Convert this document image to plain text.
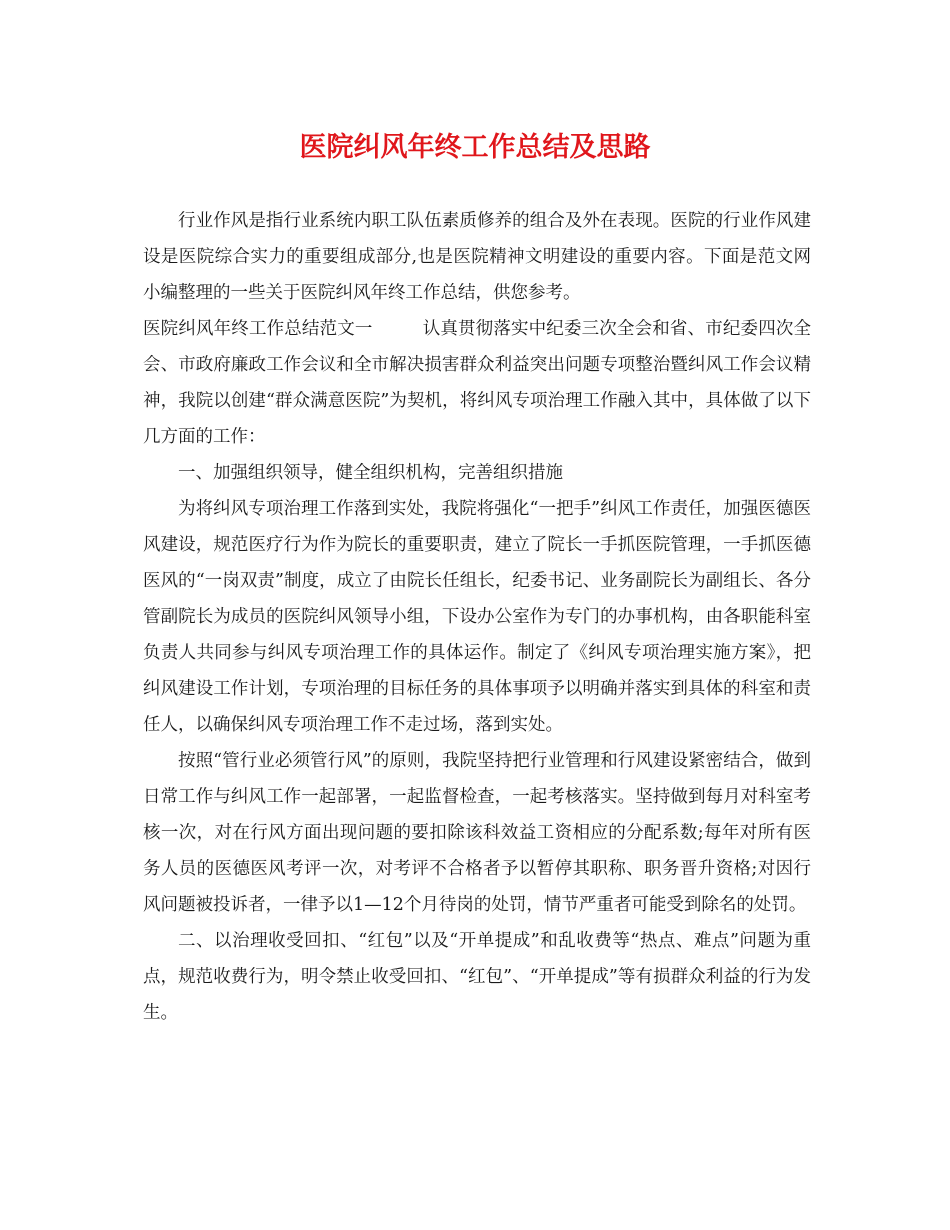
医院纠风年终工作总结及思路

行业作风是指行业系统内职工队伍素质修养的组合及外在表现。医院的行业作风建设是医院综合实力的重要组成部分,也是医院精神文明建设的重要内容。下面是范文网小编整理的一些关于医院纠风年终工作总结，供您参考。

医院纠风年终工作总结范文一	认真贯彻落实中纪委三次全会和省、市纪委四次全会、市政府廉政工作会议和全市解决损害群众利益突出问题专项整治暨纠风工作会议精神，我院以创建“群众满意医院”为契机，将纠风专项治理工作融入其中，具体做了以下几方面的工作：

一、加强组织领导，健全组织机构，完善组织措施

为将纠风专项治理工作落到实处，我院将强化“一把手”纠风工作责任，加强医德医风建设，规范医疗行为作为院长的重要职责，建立了院长一手抓医院管理，一手抓医德医风的“一岗双责”制度，成立了由院长任组长，纪委书记、业务副院长为副组长、各分管副院长为成员的医院纠风领导小组，下设办公室作为专门的办事机构，由各职能科室负责人共同参与纠风专项治理工作的具体运作。制定了《纠风专项治理实施方案》，把纠风建设工作计划，专项治理的目标任务的具体事项予以明确并落实到具体的科室和责任人，以确保纠风专项治理工作不走过场，落到实处。

按照“管行业必须管行风”的原则，我院坚持把行业管理和行风建设紧密结合，做到日常工作与纠风工作一起部署，一起监督检查，一起考核落实。坚持做到每月对科室考核一次，对在行风方面出现问题的要扣除该科效益工资相应的分配系数;每年对所有医务人员的医德医风考评一次，对考评不合格者予以暂停其职称、职务晋升资格;对因行风问题被投诉者，一律予以1—12个月待岗的处罚，情节严重者可能受到除名的处罚。

二、以治理收受回扣、“红包”以及“开单提成”和乱收费等“热点、难点”问题为重点，规范收费行为，明令禁止收受回扣、“红包”、“开单提成”等有损群众利益的行为发生。
